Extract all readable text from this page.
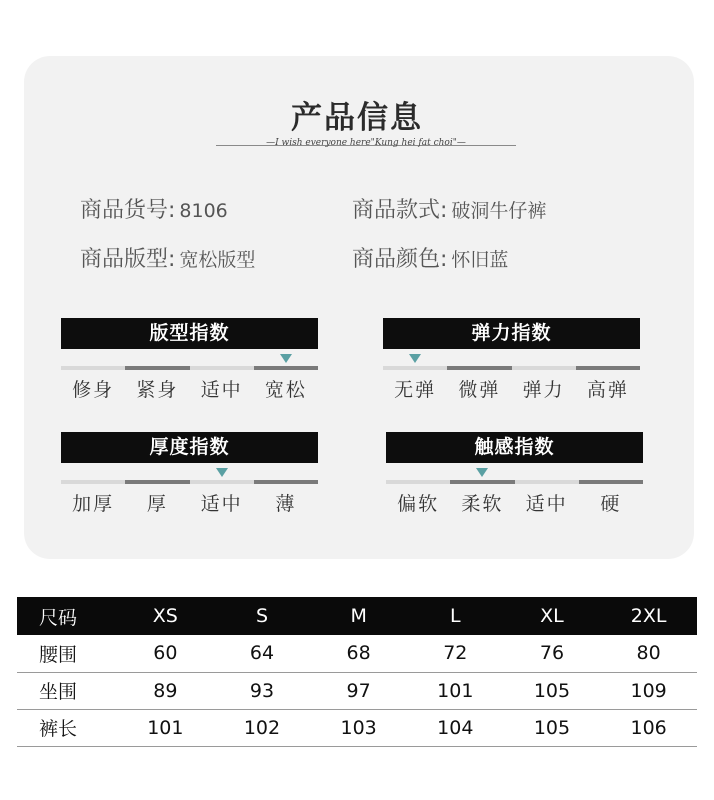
产品信息
—I wish everyone here"Kung hei fat choi"—
商品货号: 8106	商品款式: 破洞牛仔裤
商品版型: 宽松版型	商品颜色: 怀旧蓝
版型指数
修身	紧身	适中	宽松
弹力指数
无弹	微弹	弹力	高弹
厚度指数
加厚	厚	适中	薄
触感指数
偏软	柔软	适中	硬
尺码	XS	S	M	L	XL	2XL
腰围	60	64	68	72	76	80
坐围	89	93	97	101	105	109
裤长	101	102	103	104	105	106
